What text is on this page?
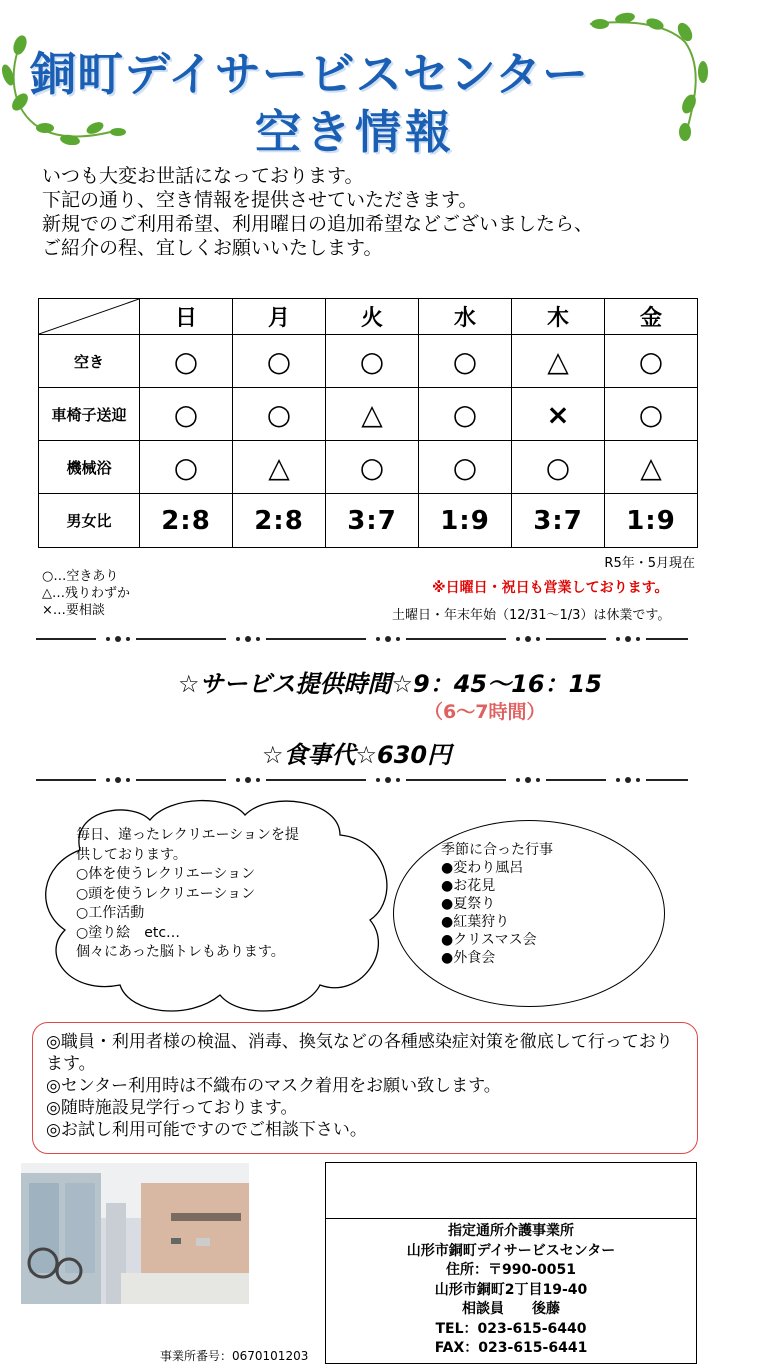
銅町デイサービスセンター
空き情報
いつも大変お世話になっております。
下記の通り、空き情報を提供させていただきます。
新規でのご利用希望、利用曜日の追加希望などございましたら、
ご紹介の程、宜しくお願いいたします。
	日	月	火	水	木	金
空き	○	○	○	○	△	○
車椅子送迎	○	○	△	○	×	○
機械浴	○	△	○	○	○	△
男女比	2:8	2:8	3:7	1:9	3:7	1:9
R5年・5月現在
○…空きあり
△…残りわずか
×…要相談
※日曜日・祝日も営業しております。
土曜日・年末年始（12/31～1/3）は休業です。
☆サービス提供時間☆9：45～16：15
（6～7時間）
☆食事代☆630円
毎日、違ったレクリエーションを提
供しております。
○体を使うレクリエーション
○頭を使うレクリエーション
○工作活動
○塗り絵　etc…
個々にあった脳トレもあります。
季節に合った行事
●変わり風呂
●お花見
●夏祭り
●紅葉狩り
●クリスマス会
●外食会
◎職員・利用者様の検温、消毒、換気などの各種感染症対策を徹底して行っております。
◎センター利用時は不織布のマスク着用をお願い致します。
◎随時施設見学行っております。
◎お試し利用可能ですのでご相談下さい。
事業所番号：0670101203
指定通所介護事業所
山形市銅町デイサービスセンター
住所：〒990-0051
山形市銅町2丁目19-40
相談員　　後藤
TEL：023-615-6440
FAX：023-615-6441
